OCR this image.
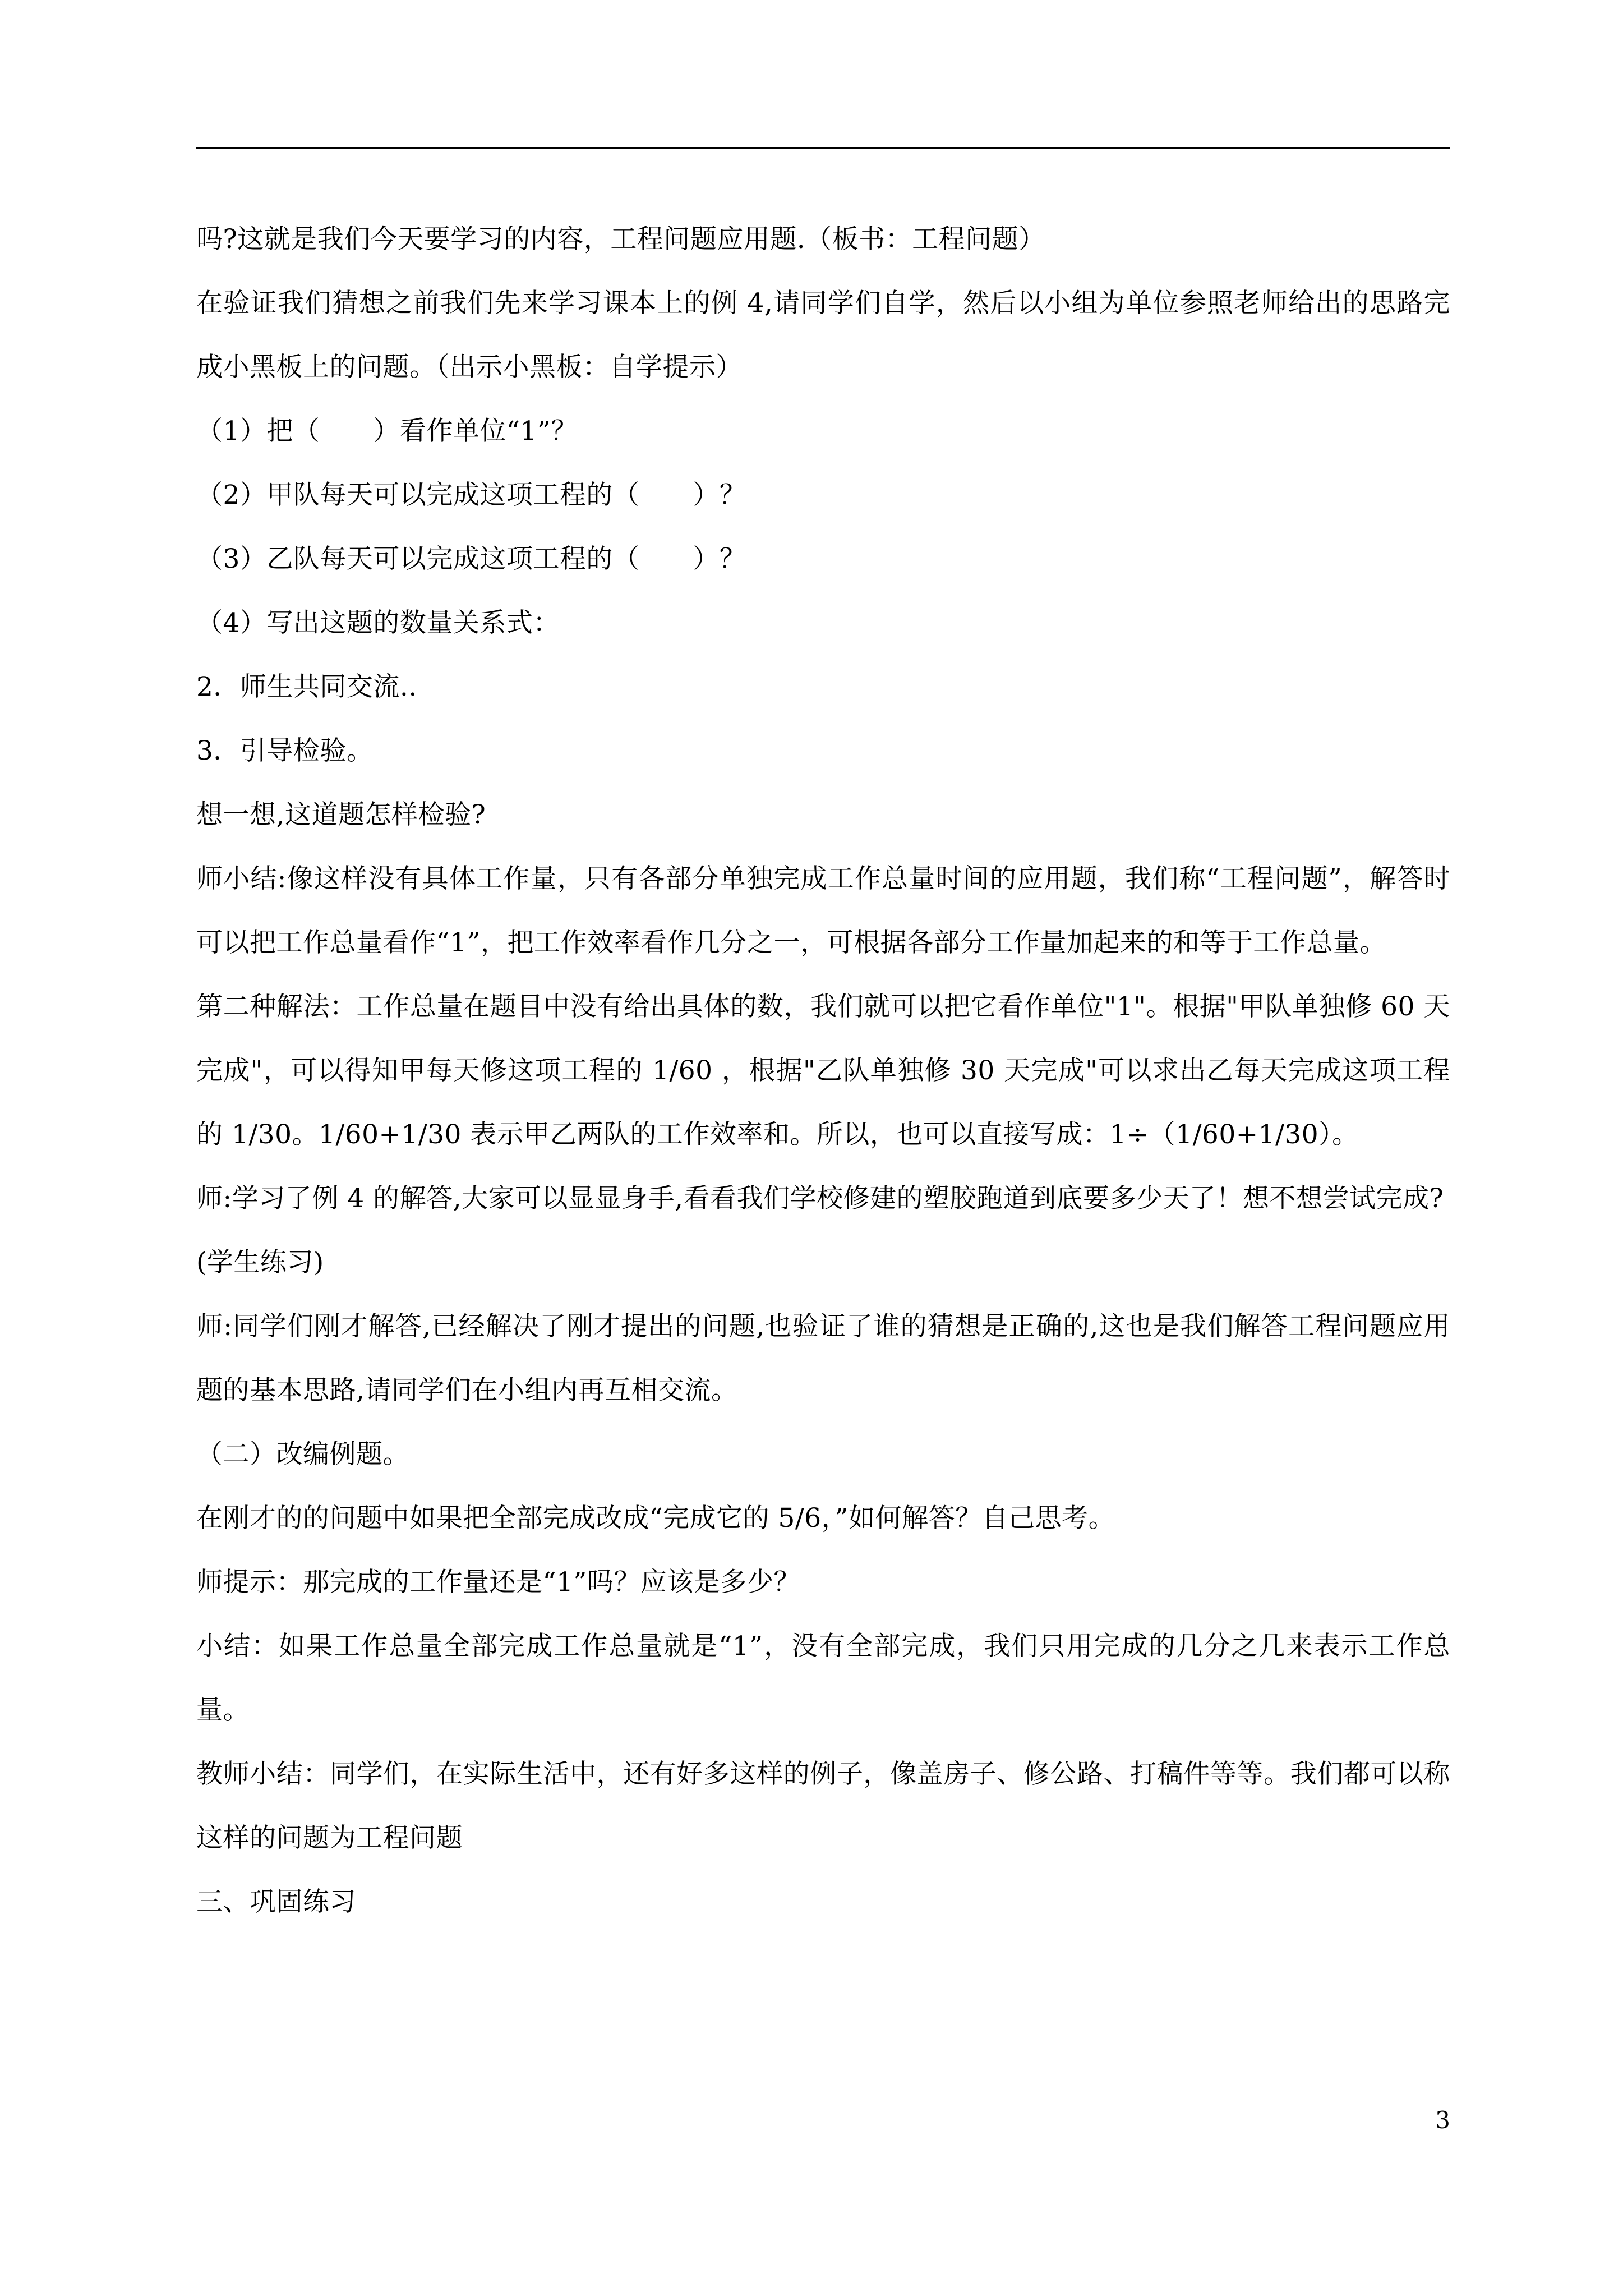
吗?这就是我们今天要学习的内容，工程问题应用题.（板书：工程问题）

在验证我们猜想之前我们先来学习课本上的例 4,请同学们自学，然后以小组为单位参照老师给出的思路完成小黑板上的问题。（出示小黑板：自学提示）

（1）把（　　）看作单位“1”？

（2）甲队每天可以完成这项工程的（　　）？

（3）乙队每天可以完成这项工程的（　　）？

（4）写出这题的数量关系式：

2．师生共同交流..

3．引导检验。

想一想,这道题怎样检验?

师小结:像这样没有具体工作量，只有各部分单独完成工作总量时间的应用题，我们称“工程问题”，解答时可以把工作总量看作“1”，把工作效率看作几分之一，可根据各部分工作量加起来的和等于工作总量。

第二种解法：工作总量在题目中没有给出具体的数，我们就可以把它看作单位"1"。根据"甲队单独修 60 天完成"，可以得知甲每天修这项工程的 1/60 ，根据"乙队单独修 30 天完成"可以求出乙每天完成这项工程的 1/30。1/60+1/30 表示甲乙两队的工作效率和。所以，也可以直接写成：1÷（1/60+1/30）。

师:学习了例 4 的解答,大家可以显显身手,看看我们学校修建的塑胶跑道到底要多少天了！想不想尝试完成?

(学生练习)

师:同学们刚才解答,已经解决了刚才提出的问题,也验证了谁的猜想是正确的,这也是我们解答工程问题应用题的基本思路,请同学们在小组内再互相交流。

（二）改编例题。

在刚才的的问题中如果把全部完成改成“完成它的 5/6，”如何解答？自己思考。

师提示：那完成的工作量还是“1”吗？应该是多少？

小结：如果工作总量全部完成工作总量就是“1”，没有全部完成，我们只用完成的几分之几来表示工作总量。

教师小结：同学们，在实际生活中，还有好多这样的例子，像盖房子、修公路、打稿件等等。我们都可以称这样的问题为工程问题

三、巩固练习

3
